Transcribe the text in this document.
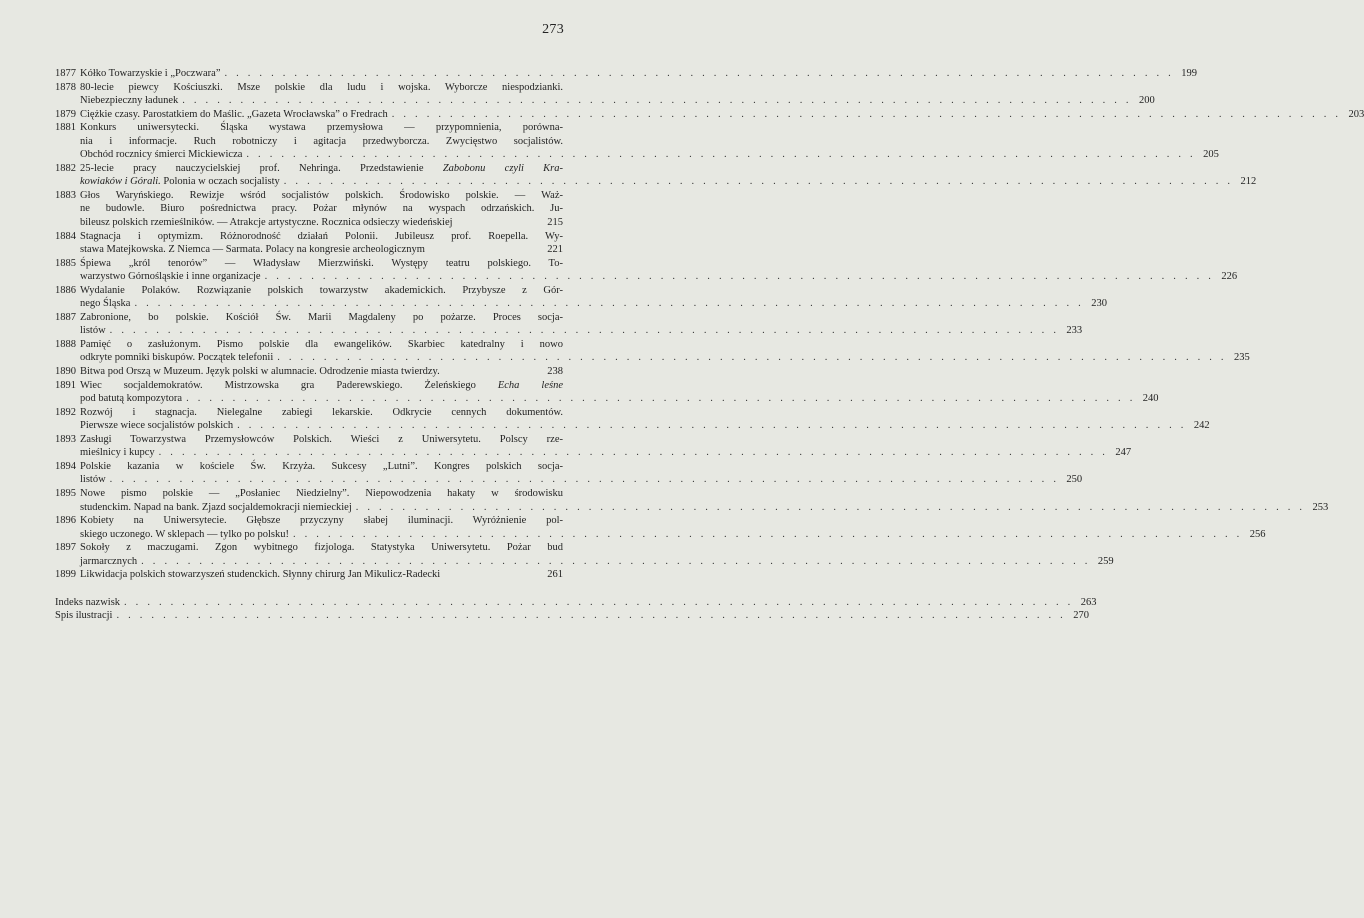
273
1877 Kółko Towarzyskie i „Poczwara” . . .	199
1878 80-lecie piewcy Kościuszki. Msze polskie dla ludu i wojska. Wyborcze niespodzianki.
Niebezpieczny ładunek . . .	200
1879 Ciężkie czasy. Parostatkiem do Maślic. „Gazeta Wrocławska” o Fredrach . . .	203
1881 Konkurs uniwersytecki. Śląska wystawa przemysłowa — przypomnienia, porówna-
nia i informacje. Ruch robotniczy i agitacja przedwyborcza. Zwycięstwo socjalistów.
Obchód rocznicy śmierci Mickiewicza . . .	205
1882 25-lecie pracy nauczycielskiej prof. Nehringa. Przedstawienie Zabobonu czyli Kra-
kowiaków i Górali. Polonia w oczach socjalisty . . .	212
1883 Głos Waryńskiego. Rewizje wśród socjalistów polskich. Środowisko polskie. — Waż-
ne budowle. Biuro pośrednictwa pracy. Pożar młynów na wyspach odrzańskich. Ju-
bileusz polskich rzemieślników. — Atrakcje artystyczne. Rocznica odsieczy wiedeńskiej	215
1884 Stagnacja i optymizm. Różnorodność działań Polonii. Jubileusz prof. Roepella. Wy-
stawa Matejkowska. Z Niemca — Sarmata. Polacy na kongresie archeologicznym	221
1885 Śpiewa „król tenorów” — Władysław Mierzwiński. Występy teatru polskiego. To-
warzystwo Górnośląskie i inne organizacje . . .	226
1886 Wydalanie Polaków. Rozwiązanie polskich towarzystw akademickich. Przybysze z Gór-
nego Śląska . . .	230
1887 Zabronione, bo polskie. Kościół Św. Marii Magdaleny po pożarze. Proces socja-
listów . . .	233
1888 Pamięć o zasłużonym. Pismo polskie dla ewangelików. Skarbiec katedralny i nowo
odkryte pomniki biskupów. Początek telefonii . . .	235
1890 Bitwa pod Orszą w Muzeum. Język polski w alumnacie. Odrodzenie miasta twierdzy.	238
1891 Wiec socjaldemokratów. Mistrzowska gra Paderewskiego. Żeleńskiego Echa leśne
pod batutą kompozytora . . .	240
1892 Rozwój i stagnacja. Nielegalne zabiegi lekarskie. Odkrycie cennych dokumentów.
Pierwsze wiece socjalistów polskich . . .	242
1893 Zasługi Towarzystwa Przemysłowców Polskich. Wieści z Uniwersytetu. Polscy rze-
mieślnicy i kupcy . . .	247
1894 Polskie kazania w kościele Św. Krzyża. Sukcesy „Lutni”. Kongres polskich socja-
listów . . .	250
1895 Nowe pismo polskie — „Posłaniec Niedzielny”. Niepowodzenia hakaty w środowisku
studenckim. Napad na bank. Zjazd socjaldemokracji niemieckiej . . .	253
1896 Kobiety na Uniwersytecie. Głębsze przyczyny słabej iluminacji. Wyróżnienie pol-
skiego uczonego. W sklepach — tylko po polsku! . . .	256
1897 Sokoły z maczugami. Zgon wybitnego fizjologa. Statystyka Uniwersytetu. Pożar bud
jarmarcznych . . .	259
1899 Likwidacja polskich stowarzyszeń studenckich. Słynny chirurg Jan Mikulicz-Radecki	261
Indeks nazwisk . . .	263
Spis ilustracji . . .	270
